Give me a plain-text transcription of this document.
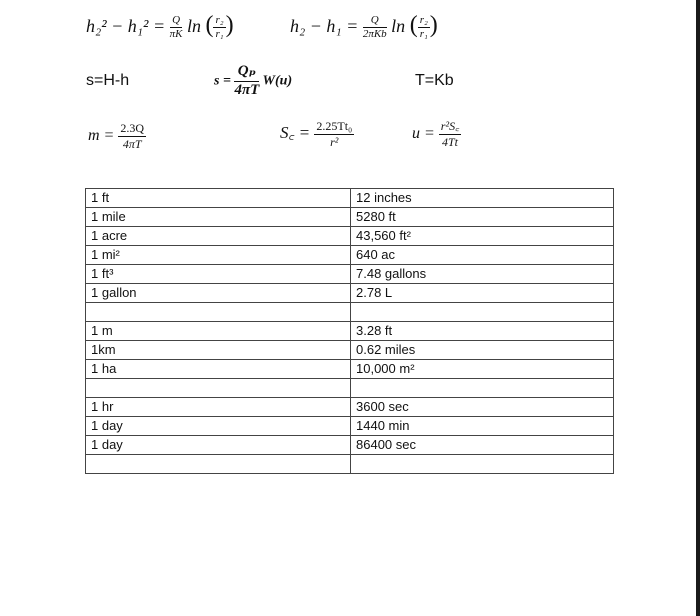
$h_2^2 - h_1^2 = \frac{Q}{\pi K}$ ln ( $\frac{\text{r₂}}{\text{r₁}}$ )	$h_2 - h_1 = \frac{Q}{\text{2πKb}}$ ln ( $\frac{\text{r₂}}{\text{r₁}}$ )
s=H-h	$s = \frac{\text{Qₚ}}{4\pi T} W(u)$	T=Kb
$m = \frac{2.3Q}{4\pi T}$	S꜀ = $\frac{\text{2.25Tt₀}}{\text{r²}}$	$u = \frac{\text{r²S꜀}}{4Tt}$
1 ft	12 inches
1 mile	5280 ft
1 acre	43,560 ft²
1 mi²	640 ac
1 ft³	7.48 gallons
1 gallon	2.78 L

1 m	3.28 ft
1km	0.62 miles
1 ha	10,000 m²

1 hr	3600 sec
1 day	1440 min
1 day	86400 sec
